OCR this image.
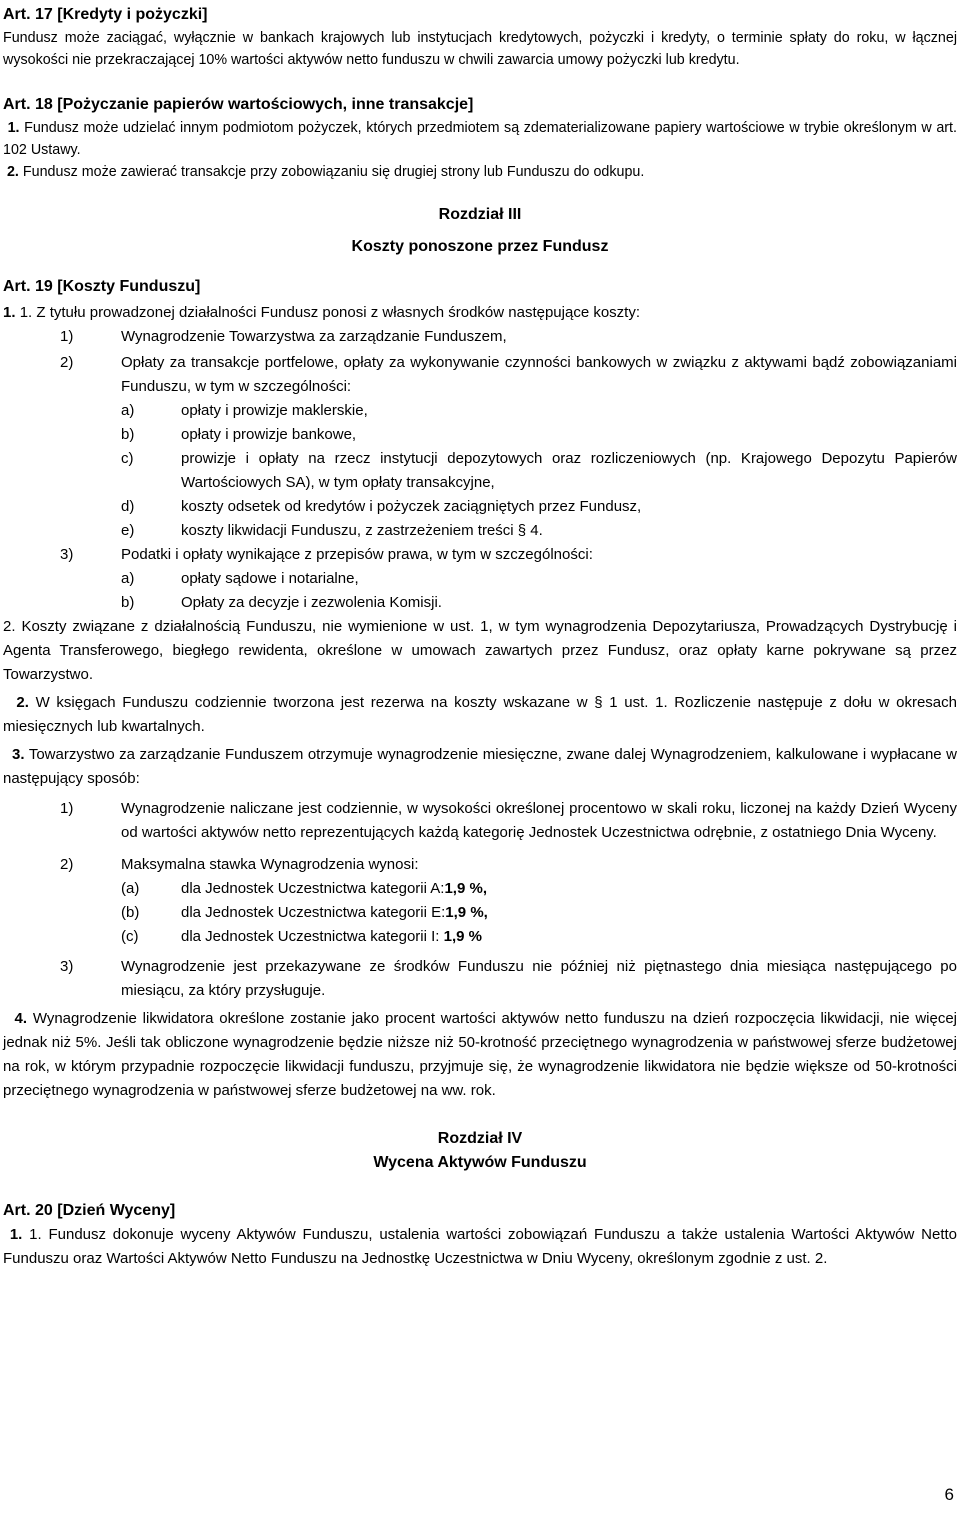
Art. 17 [Kredyty i pożyczki]

Fundusz może zaciągać, wyłącznie w bankach krajowych lub instytucjach kredytowych, pożyczki i kredyty, o terminie spłaty do roku, w łącznej wysokości nie przekraczającej 10% wartości aktywów netto funduszu w chwili zawarcia umowy pożyczki lub kredytu.

Art. 18 [Pożyczanie papierów wartościowych, inne transakcje]

1. Fundusz może udzielać innym podmiotom pożyczek, których przedmiotem są zdematerializowane papiery wartościowe w trybie określonym w art. 102 Ustawy.

2. Fundusz może zawierać transakcje przy zobowiązaniu się drugiej strony lub Funduszu do odkupu.

Rozdział III

Koszty ponoszone przez Fundusz

Art. 19 [Koszty Funduszu]

1. 1. Z tytułu prowadzonej działalności Fundusz ponosi z własnych środków następujące koszty:

1)	Wynagrodzenie Towarzystwa za zarządzanie Funduszem,
2)	Opłaty za transakcje portfelowe, opłaty za wykonywanie czynności bankowych w związku z aktywami bądź zobowiązaniami Funduszu, w tym w szczególności:
a)	opłaty i prowizje maklerskie,
b)	opłaty i prowizje bankowe,
c)	prowizje i opłaty na rzecz instytucji depozytowych oraz rozliczeniowych (np. Krajowego Depozytu Papierów Wartościowych SA), w tym opłaty transakcyjne,
d)	koszty odsetek od kredytów i pożyczek zaciągniętych przez Fundusz,
e)	koszty likwidacji Funduszu, z zastrzeżeniem treści § 4.
3)	Podatki i opłaty wynikające z przepisów prawa, w tym w szczególności:
a)	opłaty sądowe i notarialne,
b)	Opłaty za decyzje i zezwolenia Komisji.

2. Koszty związane z działalnością Funduszu, nie wymienione w ust. 1, w tym wynagrodzenia Depozytariusza, Prowadzących Dystrybucję i Agenta Transferowego, biegłego rewidenta, określone w umowach zawartych przez Fundusz, oraz opłaty karne pokrywane są przez Towarzystwo.

2. W księgach Funduszu codziennie tworzona jest rezerwa na koszty wskazane w § 1 ust. 1. Rozliczenie następuje z dołu w okresach miesięcznych lub kwartalnych.

3. Towarzystwo za zarządzanie Funduszem otrzymuje wynagrodzenie miesięczne, zwane dalej Wynagrodzeniem, kalkulowane i wypłacane w następujący sposób:

1)	Wynagrodzenie naliczane jest codziennie, w wysokości określonej procentowo w skali roku, liczonej na każdy Dzień Wyceny od wartości aktywów netto reprezentujących każdą kategorię Jednostek Uczestnictwa odrębnie, z ostatniego Dnia Wyceny.
2)	Maksymalna stawka Wynagrodzenia wynosi:
(a)	dla Jednostek Uczestnictwa kategorii A:1,9 %,
(b)	dla Jednostek Uczestnictwa kategorii E:1,9 %,
(c)	dla Jednostek Uczestnictwa kategorii I: 1,9 %
3)	Wynagrodzenie jest przekazywane ze środków Funduszu nie później niż piętnastego dnia miesiąca następującego po miesiącu, za który przysługuje.

4. Wynagrodzenie likwidatora określone zostanie jako procent wartości aktywów netto funduszu na dzień rozpoczęcia likwidacji, nie więcej jednak niż 5%. Jeśli tak obliczone wynagrodzenie będzie niższe niż 50-krotność przeciętnego wynagrodzenia w państwowej sferze budżetowej na rok, w którym przypadnie rozpoczęcie likwidacji funduszu, przyjmuje się, że wynagrodzenie likwidatora nie będzie większe od 50-krotności przeciętnego wynagrodzenia w państwowej sferze budżetowej na ww. rok.

Rozdział IV

Wycena Aktywów Funduszu

Art. 20 [Dzień Wyceny]

1. 1. Fundusz dokonuje wyceny Aktywów Funduszu, ustalenia wartości zobowiązań Funduszu a także ustalenia Wartości Aktywów Netto Funduszu oraz Wartości Aktywów Netto Funduszu na Jednostkę Uczestnictwa w Dniu Wyceny, określonym zgodnie z ust. 2.

6
